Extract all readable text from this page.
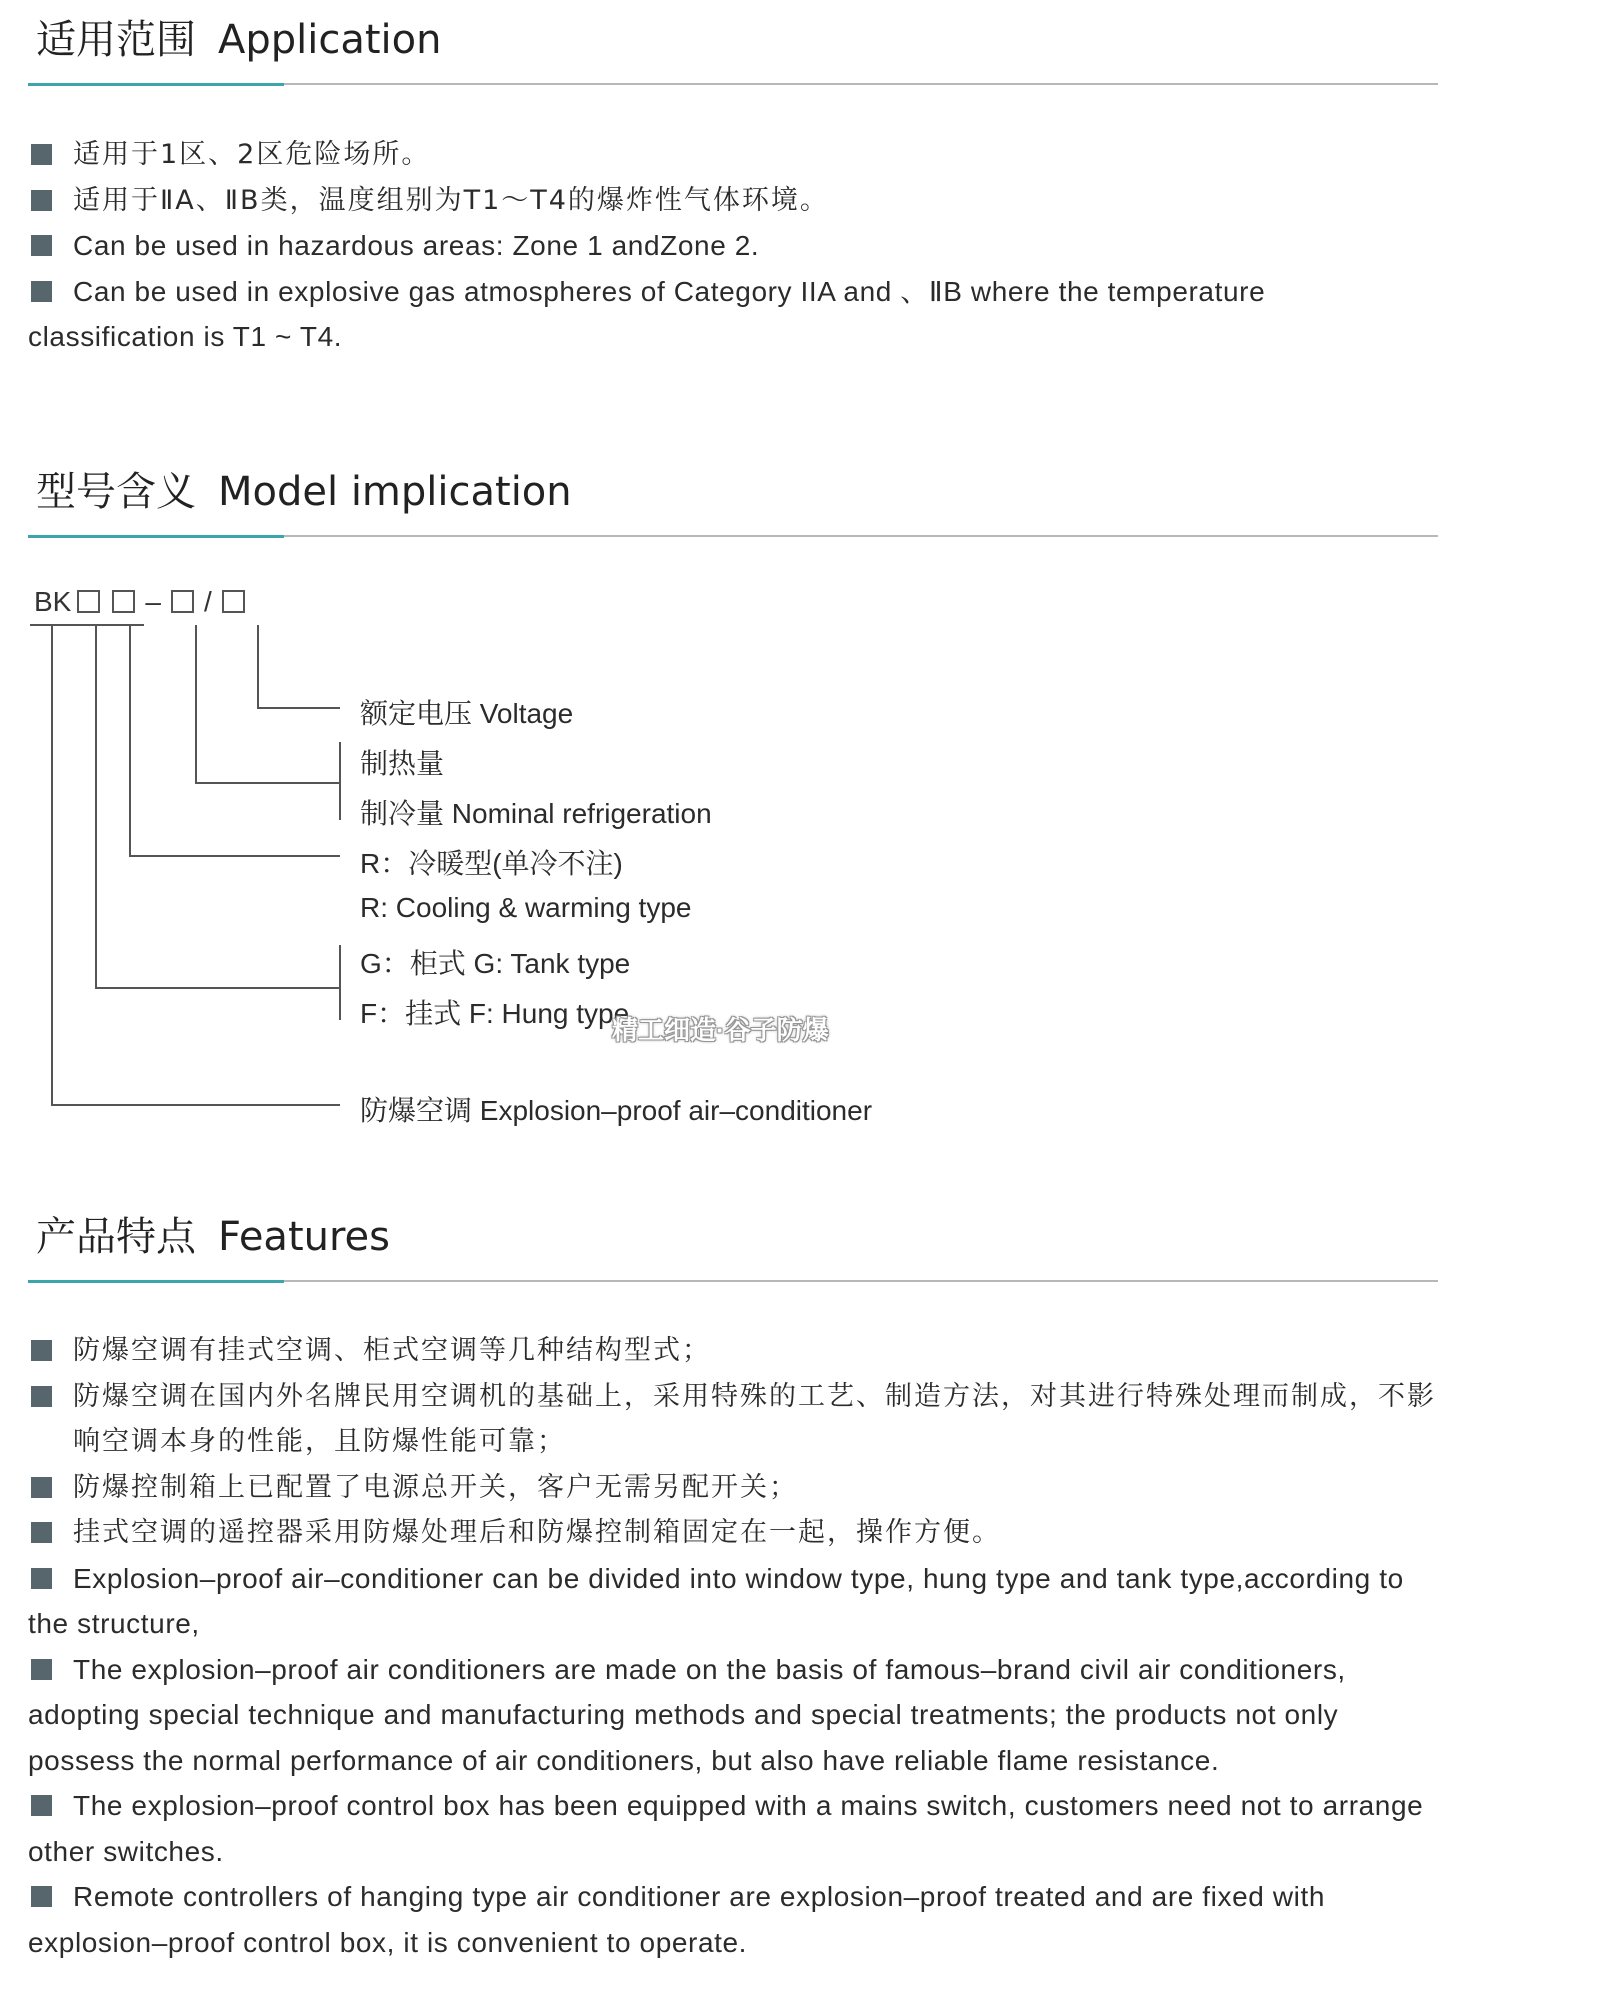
适用范围 Application
适用于1区、2区危险场所。
适用于ⅡA、ⅡB类，温度组别为T1～T4的爆炸性气体环境。
Can be used in hazardous areas: Zone 1 andZone 2.
Can be used in explosive gas atmospheres of Category IIA and 、ⅡB where the temperature classification is T1 ~ T4.
型号含义 Model implication
BK	– /
额定电压 Voltage
制热量
制冷量 Nominal refrigeration
R：冷暖型(单冷不注)
R: Cooling & warming type
G：柜式 G: Tank type
F：挂式 F: Hung type
防爆空调 Explosion–proof air–conditioner
精工细造·谷子防爆
产品特点 Features
防爆空调有挂式空调、柜式空调等几种结构型式；
防爆空调在国内外名牌民用空调机的基础上，采用特殊的工艺、制造方法，对其进行特殊处理而制成，不影响空调本身的性能，且防爆性能可靠；
防爆控制箱上已配置了电源总开关，客户无需另配开关；
挂式空调的遥控器采用防爆处理后和防爆控制箱固定在一起，操作方便。
Explosion–proof air–conditioner can be divided into window type, hung type and tank type,according to the structure,
The explosion–proof air conditioners are made on the basis of famous–brand civil air conditioners, adopting special technique and manufacturing methods and special treatments; the products not only possess the normal performance of air conditioners, but also have reliable flame resistance.
The explosion–proof control box has been equipped with a mains switch, customers need not to arrange other switches.
Remote controllers of hanging type air conditioner are explosion–proof treated and are fixed with explosion–proof control box, it is convenient to operate.
